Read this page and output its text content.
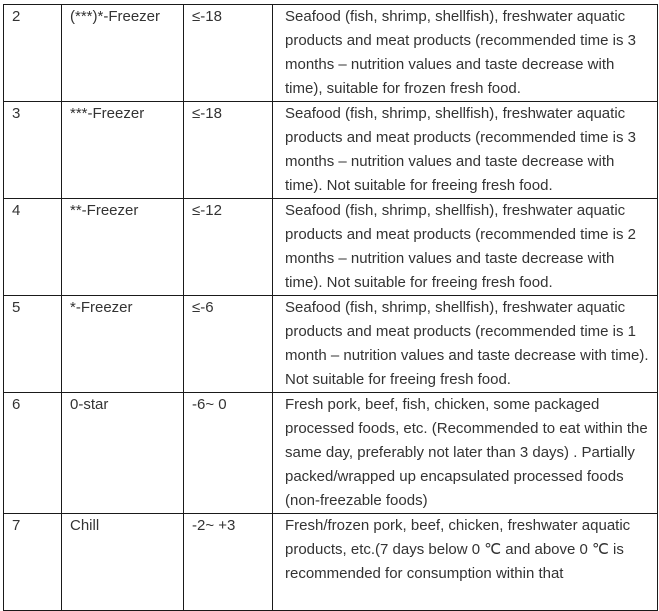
2	(***)*-Freezer	≤-18	Seafood (fish, shrimp, shellfish), freshwater aquatic products and meat products (recommended time is 3 months – nutrition values and taste decrease with time), suitable for frozen fresh food.
3	***-Freezer	≤-18	Seafood (fish, shrimp, shellfish), freshwater aquatic products and meat products (recommended time is 3 months – nutrition values and taste decrease with time). Not suitable for freeing fresh food.
4	**-Freezer	≤-12	Seafood (fish, shrimp, shellfish), freshwater aquatic products and meat products (recommended time is 2 months – nutrition values and taste decrease with time). Not suitable for freeing fresh food.
5	*-Freezer	≤-6	Seafood (fish, shrimp, shellfish), freshwater aquatic products and meat products (recommended time is 1 month – nutrition values and taste decrease with time). Not suitable for freeing fresh food.
6	0-star	-6~ 0	Fresh pork, beef, fish, chicken, some packaged processed foods, etc. (Recommended to eat within the same day, preferably not later than 3 days) . Partially packed/wrapped up encapsulated processed foods (non-freezable foods)
7	Chill	-2~ +3	Fresh/frozen pork, beef, chicken, freshwater aquatic products, etc.(7 days below 0 ℃ and above 0 ℃ is recommended for consumption within that
